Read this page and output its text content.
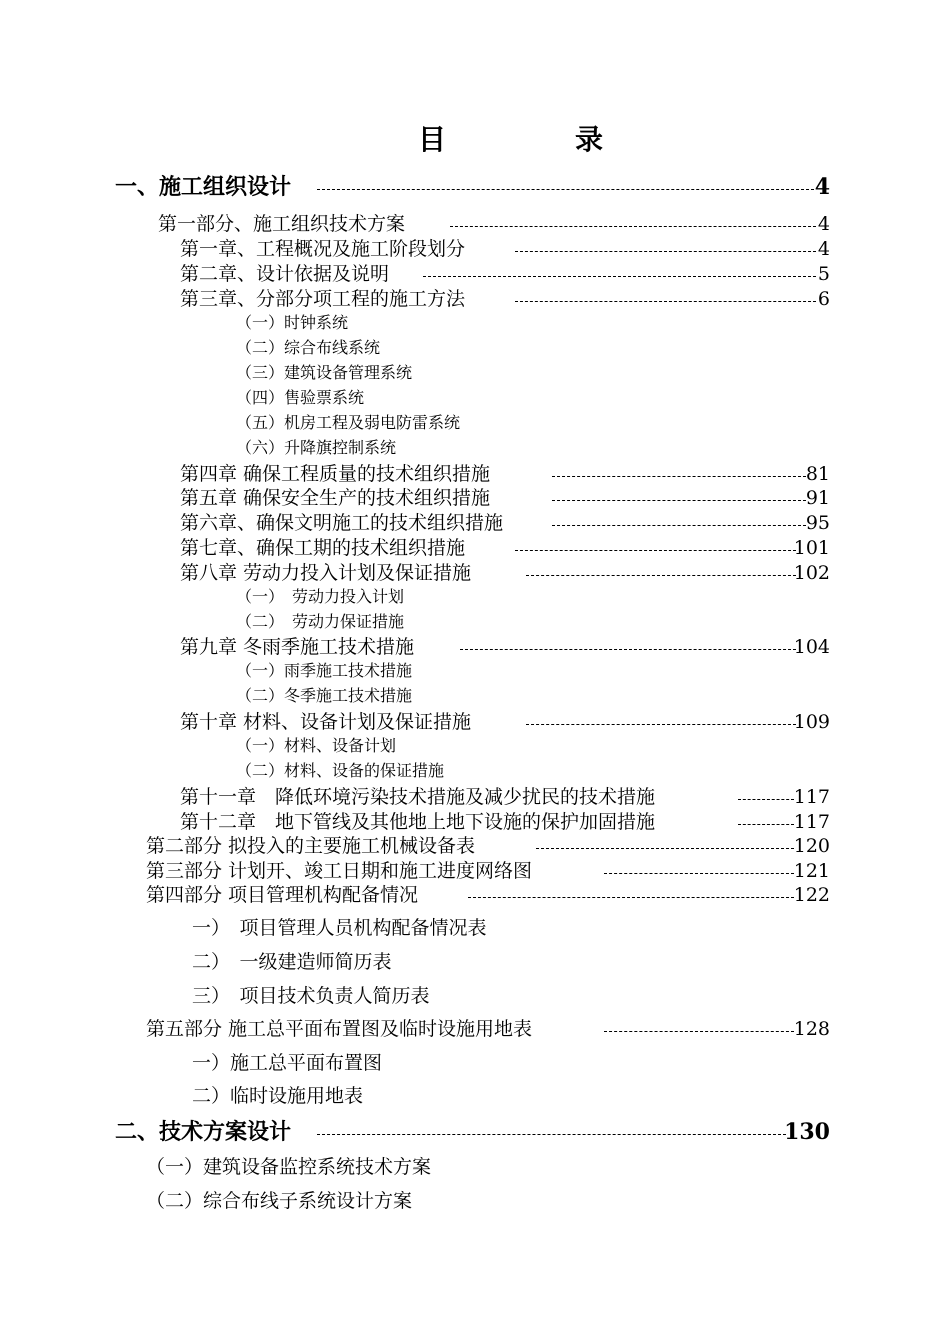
目	录
一、施工组织设计	4
第一部分、施工组织技术方案	4
第一章、工程概况及施工阶段划分	4
第二章、设计依据及说明	5
第三章、分部分项工程的施工方法	6
（一）时钟系统
（二）综合布线系统
（三）建筑设备管理系统
（四）售验票系统
（五）机房工程及弱电防雷系统
（六）升降旗控制系统
第四章 确保工程质量的技术组织措施	81
第五章 确保安全生产的技术组织措施	91
第六章、确保文明施工的技术组织措施	95
第七章、确保工期的技术组织措施	101
第八章 劳动力投入计划及保证措施	102
（一）　劳动力投入计划
（二）　劳动力保证措施
第九章 冬雨季施工技术措施	104
（一）雨季施工技术措施
（二）冬季施工技术措施
第十章 材料、设备计划及保证措施	109
（一）材料、设备计划
（二）材料、设备的保证措施
第十一章　降低环境污染技术措施及减少扰民的技术措施	117
第十二章　地下管线及其他地上地下设施的保护加固措施	117
第二部分 拟投入的主要施工机械设备表	120
第三部分 计划开、竣工日期和施工进度网络图	121
第四部分 项目管理机构配备情况	122
一）　项目管理人员机构配备情况表
二）　一级建造师简历表
三）　项目技术负责人简历表
第五部分 施工总平面布置图及临时设施用地表	128
一）施工总平面布置图
二）临时设施用地表
二、技术方案设计	130
（一）建筑设备监控系统技术方案
（二）综合布线子系统设计方案
